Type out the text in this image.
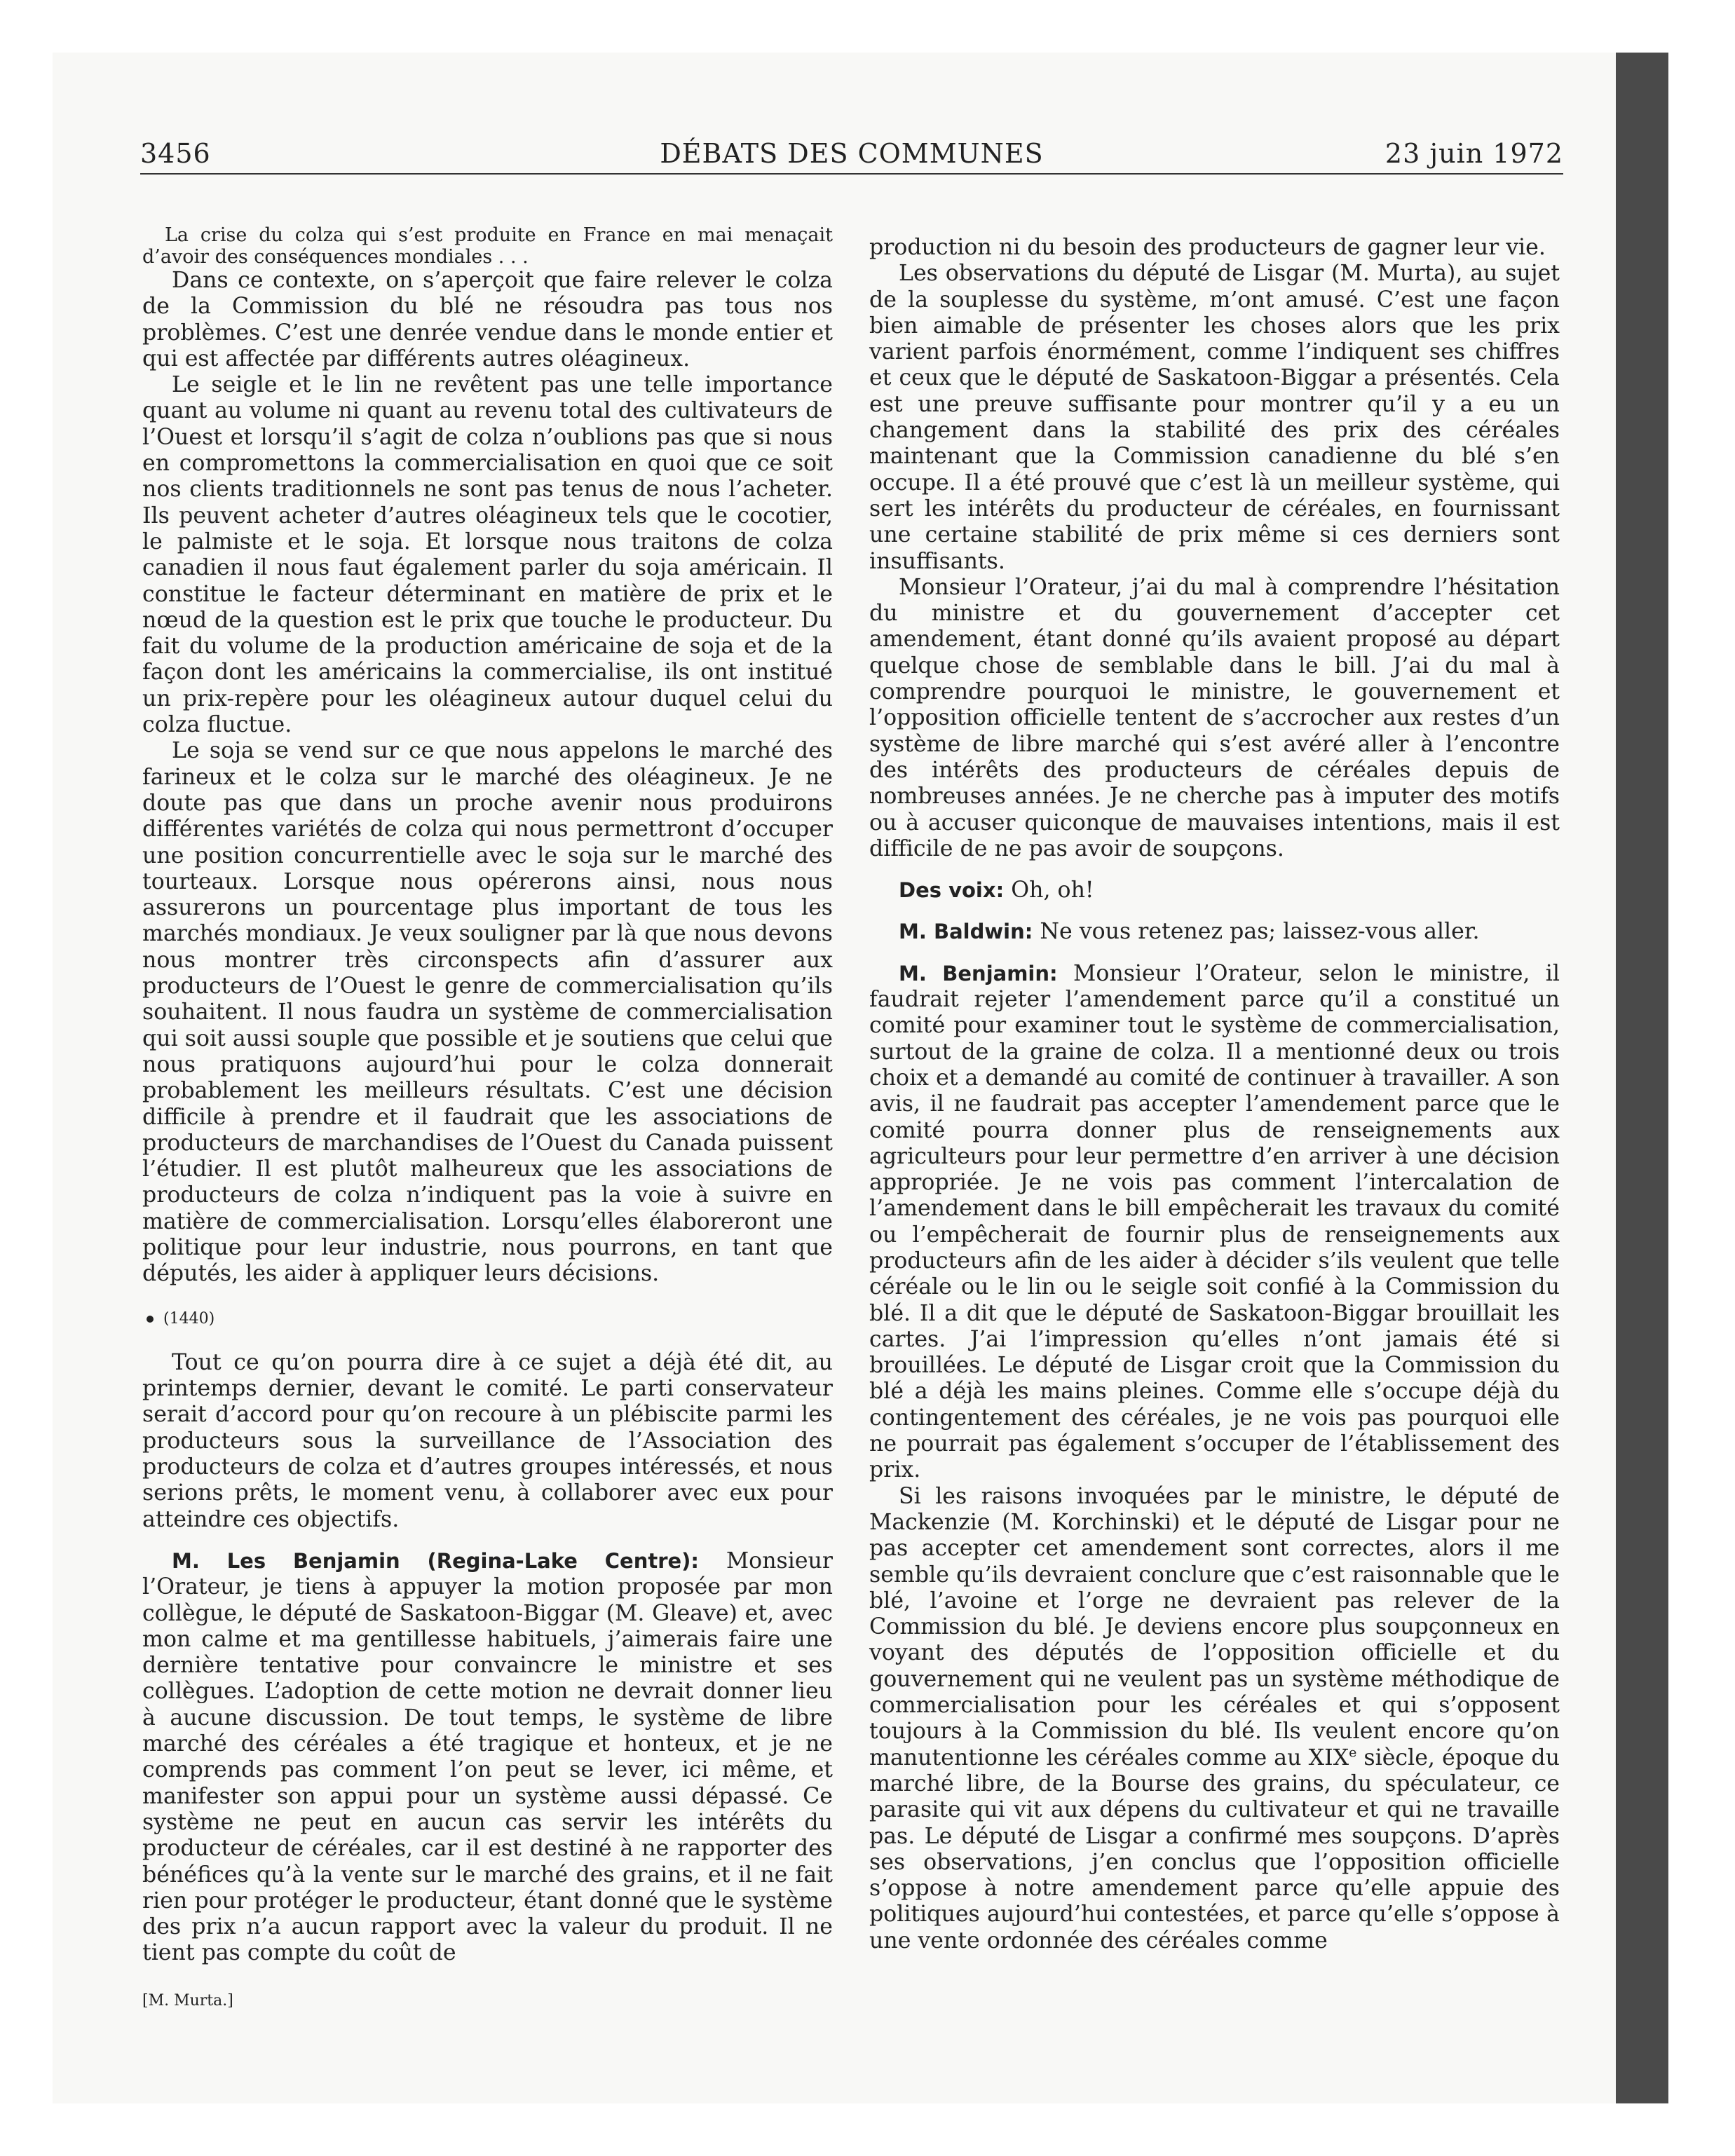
3456	DÉBATS DES COMMUNES	23 juin 1972

La crise du colza qui s’est produite en France en mai menaçait d’avoir des conséquences mondiales . . .

Dans ce contexte, on s’aperçoit que faire relever le colza de la Commission du blé ne résoudra pas tous nos problèmes. C’est une denrée vendue dans le monde entier et qui est affectée par différents autres oléagineux.

Le seigle et le lin ne revêtent pas une telle importance quant au volume ni quant au revenu total des cultivateurs de l’Ouest et lorsqu’il s’agit de colza n’oublions pas que si nous en compromettons la commercialisation en quoi que ce soit nos clients traditionnels ne sont pas tenus de nous l’acheter. Ils peuvent acheter d’autres oléagineux tels que le cocotier, le palmiste et le soja. Et lorsque nous traitons de colza canadien il nous faut également parler du soja américain. Il constitue le facteur déterminant en matière de prix et le nœud de la question est le prix que touche le producteur. Du fait du volume de la production américaine de soja et de la façon dont les américains la commercialise, ils ont institué un prix-repère pour les oléagineux autour duquel celui du colza fluctue.

Le soja se vend sur ce que nous appelons le marché des farineux et le colza sur le marché des oléagineux. Je ne doute pas que dans un proche avenir nous produirons différentes variétés de colza qui nous permettront d’occuper une position concurrentielle avec le soja sur le marché des tourteaux. Lorsque nous opérerons ainsi, nous nous assurerons un pourcentage plus important de tous les marchés mondiaux. Je veux souligner par là que nous devons nous montrer très circonspects afin d’assurer aux producteurs de l’Ouest le genre de commercialisation qu’ils souhaitent. Il nous faudra un système de commercialisation qui soit aussi souple que possible et je soutiens que celui que nous pratiquons aujourd’hui pour le colza donnerait probablement les meilleurs résultats. C’est une décision difficile à prendre et il faudrait que les associations de producteurs de marchandises de l’Ouest du Canada puissent l’étudier. Il est plutôt malheureux que les associations de producteurs de colza n’indiquent pas la voie à suivre en matière de commercialisation. Lorsqu’elles élaboreront une politique pour leur industrie, nous pourrons, en tant que députés, les aider à appliquer leurs décisions.

(1440)

Tout ce qu’on pourra dire à ce sujet a déjà été dit, au printemps dernier, devant le comité. Le parti conservateur serait d’accord pour qu’on recoure à un plébiscite parmi les producteurs sous la surveillance de l’Association des producteurs de colza et d’autres groupes intéressés, et nous serions prêts, le moment venu, à collaborer avec eux pour atteindre ces objectifs.

M. Les Benjamin (Regina-Lake Centre): Monsieur l’Orateur, je tiens à appuyer la motion proposée par mon collègue, le député de Saskatoon-Biggar (M. Gleave) et, avec mon calme et ma gentillesse habituels, j’aimerais faire une dernière tentative pour convaincre le ministre et ses collègues. L’adoption de cette motion ne devrait donner lieu à aucune discussion. De tout temps, le système de libre marché des céréales a été tragique et honteux, et je ne comprends pas comment l’on peut se lever, ici même, et manifester son appui pour un système aussi dépassé. Ce système ne peut en aucun cas servir les intérêts du producteur de céréales, car il est destiné à ne rapporter des bénéfices qu’à la vente sur le marché des grains, et il ne fait rien pour protéger le producteur, étant donné que le système des prix n’a aucun rapport avec la valeur du produit. Il ne tient pas compte du coût de

[M. Murta.]

production ni du besoin des producteurs de gagner leur vie.

Les observations du député de Lisgar (M. Murta), au sujet de la souplesse du système, m’ont amusé. C’est une façon bien aimable de présenter les choses alors que les prix varient parfois énormément, comme l’indiquent ses chiffres et ceux que le député de Saskatoon-Biggar a présentés. Cela est une preuve suffisante pour montrer qu’il y a eu un changement dans la stabilité des prix des céréales maintenant que la Commission canadienne du blé s’en occupe. Il a été prouvé que c’est là un meilleur système, qui sert les intérêts du producteur de céréales, en fournissant une certaine stabilité de prix même si ces derniers sont insuffisants.

Monsieur l’Orateur, j’ai du mal à comprendre l’hésitation du ministre et du gouvernement d’accepter cet amendement, étant donné qu’ils avaient proposé au départ quelque chose de semblable dans le bill. J’ai du mal à comprendre pourquoi le ministre, le gouvernement et l’opposition officielle tentent de s’accrocher aux restes d’un système de libre marché qui s’est avéré aller à l’encontre des intérêts des producteurs de céréales depuis de nombreuses années. Je ne cherche pas à imputer des motifs ou à accuser quiconque de mauvaises intentions, mais il est difficile de ne pas avoir de soupçons.

Des voix: Oh, oh!

M. Baldwin: Ne vous retenez pas; laissez-vous aller.

M. Benjamin: Monsieur l’Orateur, selon le ministre, il faudrait rejeter l’amendement parce qu’il a constitué un comité pour examiner tout le système de commercialisation, surtout de la graine de colza. Il a mentionné deux ou trois choix et a demandé au comité de continuer à travailler. A son avis, il ne faudrait pas accepter l’amendement parce que le comité pourra donner plus de renseignements aux agriculteurs pour leur permettre d’en arriver à une décision appropriée. Je ne vois pas comment l’intercalation de l’amendement dans le bill empêcherait les travaux du comité ou l’empêcherait de fournir plus de renseignements aux producteurs afin de les aider à décider s’ils veulent que telle céréale ou le lin ou le seigle soit confié à la Commission du blé. Il a dit que le député de Saskatoon-Biggar brouillait les cartes. J’ai l’impression qu’elles n’ont jamais été si brouillées. Le député de Lisgar croit que la Commission du blé a déjà les mains pleines. Comme elle s’occupe déjà du contingentement des céréales, je ne vois pas pourquoi elle ne pourrait pas également s’occuper de l’établissement des prix.

Si les raisons invoquées par le ministre, le député de Mackenzie (M. Korchinski) et le député de Lisgar pour ne pas accepter cet amendement sont correctes, alors il me semble qu’ils devraient conclure que c’est raisonnable que le blé, l’avoine et l’orge ne devraient pas relever de la Commission du blé. Je deviens encore plus soupçonneux en voyant des députés de l’opposition officielle et du gouvernement qui ne veulent pas un système méthodique de commercialisation pour les céréales et qui s’opposent toujours à la Commission du blé. Ils veulent encore qu’on manutentionne les céréales comme au XIXe siècle, époque du marché libre, de la Bourse des grains, du spéculateur, ce parasite qui vit aux dépens du cultivateur et qui ne travaille pas. Le député de Lisgar a confirmé mes soupçons. D’après ses observations, j’en conclus que l’opposition officielle s’oppose à notre amendement parce qu’elle appuie des politiques aujourd’hui contestées, et parce qu’elle s’oppose à une vente ordonnée des céréales comme
